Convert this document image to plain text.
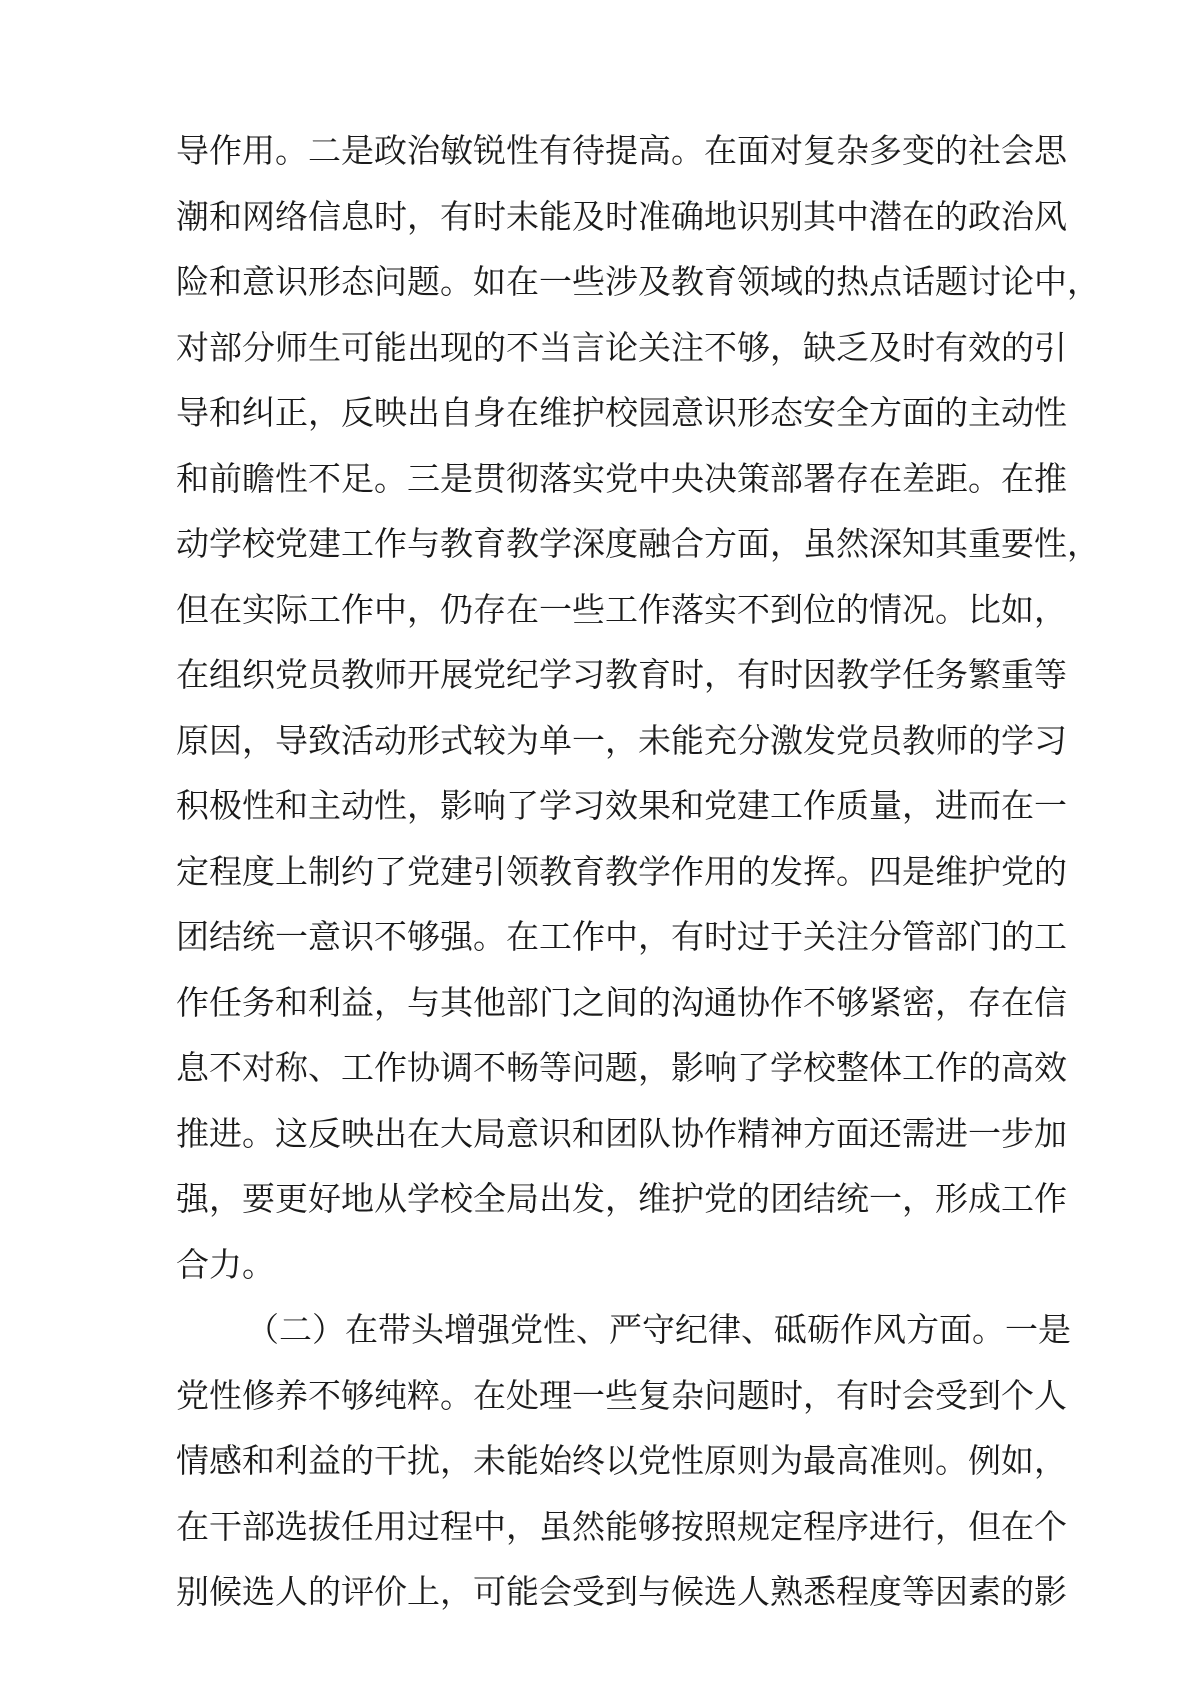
导作用。二是政治敏锐性有待提高。在面对复杂多变的社会思
潮和网络信息时，有时未能及时准确地识别其中潜在的政治风
险和意识形态问题。如在一些涉及教育领域的热点话题讨论中，
对部分师生可能出现的不当言论关注不够，缺乏及时有效的引
导和纠正，反映出自身在维护校园意识形态安全方面的主动性
和前瞻性不足。三是贯彻落实党中央决策部署存在差距。在推
动学校党建工作与教育教学深度融合方面，虽然深知其重要性，
但在实际工作中，仍存在一些工作落实不到位的情况。比如，
在组织党员教师开展党纪学习教育时，有时因教学任务繁重等
原因，导致活动形式较为单一，未能充分激发党员教师的学习
积极性和主动性，影响了学习效果和党建工作质量，进而在一
定程度上制约了党建引领教育教学作用的发挥。四是维护党的
团结统一意识不够强。在工作中，有时过于关注分管部门的工
作任务和利益，与其他部门之间的沟通协作不够紧密，存在信
息不对称、工作协调不畅等问题，影响了学校整体工作的高效
推进。这反映出在大局意识和团队协作精神方面还需进一步加
强，要更好地从学校全局出发，维护党的团结统一，形成工作
合力。
（二）在带头增强党性、严守纪律、砥砺作风方面。一是
党性修养不够纯粹。在处理一些复杂问题时，有时会受到个人
情感和利益的干扰，未能始终以党性原则为最高准则。例如，
在干部选拔任用过程中，虽然能够按照规定程序进行，但在个
别候选人的评价上，可能会受到与候选人熟悉程度等因素的影
